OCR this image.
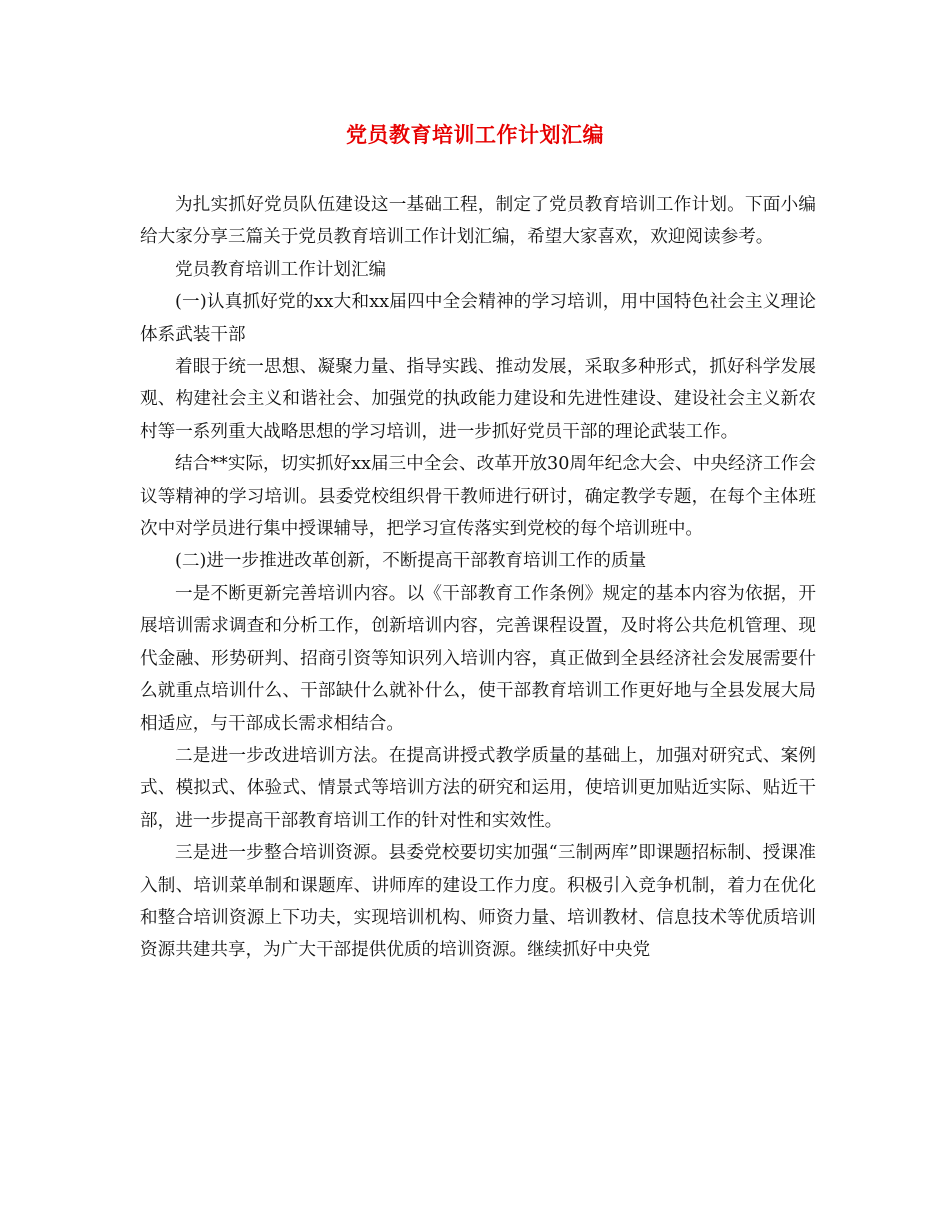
党员教育培训工作计划汇编

为扎实抓好党员队伍建设这一基础工程，制定了党员教育培训工作计划。下面小编给大家分享三篇关于党员教育培训工作计划汇编，希望大家喜欢，欢迎阅读参考。

党员教育培训工作计划汇编

(一)认真抓好党的xx大和xx届四中全会精神的学习培训，用中国特色社会主义理论体系武装干部

着眼于统一思想、凝聚力量、指导实践、推动发展，采取多种形式，抓好科学发展观、构建社会主义和谐社会、加强党的执政能力建设和先进性建设、建设社会主义新农村等一系列重大战略思想的学习培训，进一步抓好党员干部的理论武装工作。

结合**实际，切实抓好xx届三中全会、改革开放30周年纪念大会、中央经济工作会议等精神的学习培训。县委党校组织骨干教师进行研讨，确定教学专题，在每个主体班次中对学员进行集中授课辅导，把学习宣传落实到党校的每个培训班中。

(二)进一步推进改革创新，不断提高干部教育培训工作的质量

一是不断更新完善培训内容。以《干部教育工作条例》规定的基本内容为依据，开展培训需求调查和分析工作，创新培训内容，完善课程设置，及时将公共危机管理、现代金融、形势研判、招商引资等知识列入培训内容，真正做到全县经济社会发展需要什么就重点培训什么、干部缺什么就补什么，使干部教育培训工作更好地与全县发展大局相适应，与干部成长需求相结合。

二是进一步改进培训方法。在提高讲授式教学质量的基础上，加强对研究式、案例式、模拟式、体验式、情景式等培训方法的研究和运用，使培训更加贴近实际、贴近干部，进一步提高干部教育培训工作的针对性和实效性。

三是进一步整合培训资源。县委党校要切实加强“三制两库”即课题招标制、授课准入制、培训菜单制和课题库、讲师库的建设工作力度。积极引入竞争机制，着力在优化和整合培训资源上下功夫，实现培训机构、师资力量、培训教材、信息技术等优质培训资源共建共享，为广大干部提供优质的培训资源。继续抓好中央党
